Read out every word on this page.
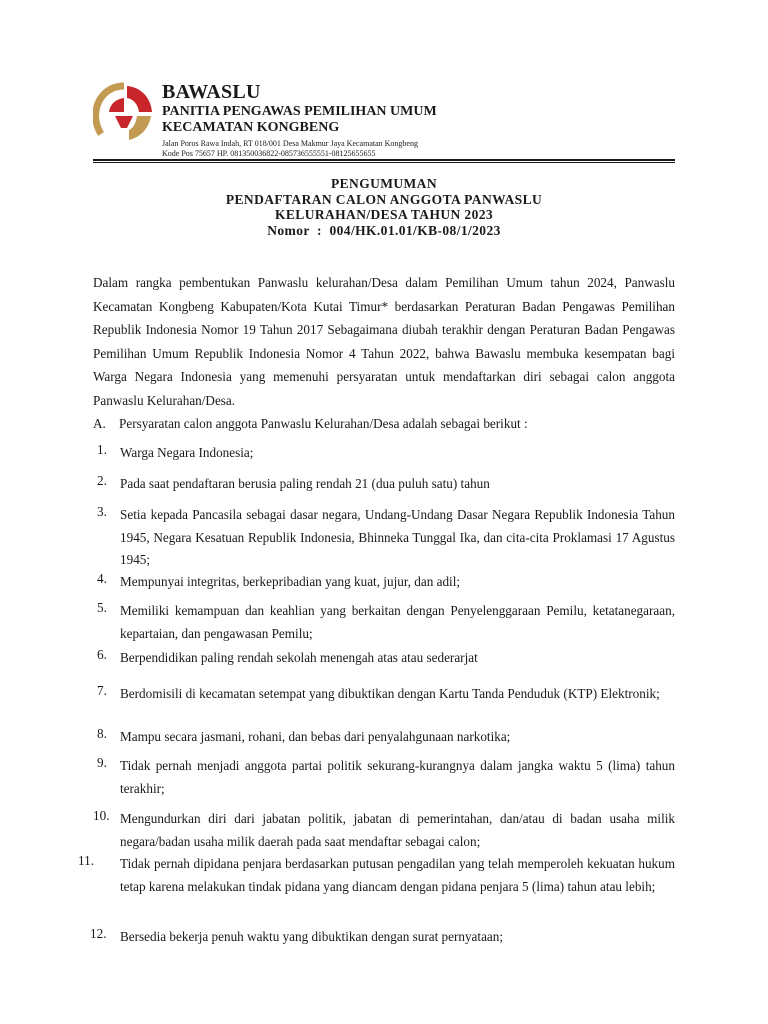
BAWASLU
PANITIA PENGAWAS PEMILIHAN UMUM
KECAMATAN KONGBENG
Jalan Poros Rawa Indah, RT 018/001 Desa Makmur Jaya Kecamatan Kongbeng
Kode Pos 75657 HP. 081350036822-085736555551-08125655655
PENGUMUMAN
PENDAFTARAN CALON ANGGOTA PANWASLU
KELURAHAN/DESA TAHUN 2023
Nomor  :  004/HK.01.01/KB-08/1/2023
Dalam rangka pembentukan Panwaslu kelurahan/Desa dalam Pemilihan Umum tahun 2024, Panwaslu Kecamatan Kongbeng Kabupaten/Kota Kutai Timur* berdasarkan Peraturan Badan Pengawas Pemilihan Republik Indonesia Nomor 19 Tahun 2017 Sebagaimana diubah terakhir dengan Peraturan Badan Pengawas Pemilihan Umum Republik Indonesia Nomor 4 Tahun 2022, bahwa Bawaslu membuka kesempatan bagi Warga Negara Indonesia yang memenuhi persyaratan untuk mendaftarkan diri sebagai calon anggota Panwaslu Kelurahan/Desa.
A. Persyaratan calon anggota Panwaslu Kelurahan/Desa adalah sebagai berikut :
1. Warga Negara Indonesia;
2. Pada saat pendaftaran berusia paling rendah 21 (dua puluh satu) tahun
3. Setia kepada Pancasila sebagai dasar negara, Undang-Undang Dasar Negara Republik Indonesia Tahun 1945, Negara Kesatuan Republik Indonesia, Bhinneka Tunggal Ika, dan cita-cita Proklamasi 17 Agustus 1945;
4. Mempunyai integritas, berkepribadian yang kuat, jujur, dan adil;
5. Memiliki kemampuan dan keahlian yang berkaitan dengan Penyelenggaraan Pemilu, ketatanegaraan, kepartaian, dan pengawasan Pemilu;
6. Berpendidikan paling rendah sekolah menengah atas atau sederarjat
7. Berdomisili di kecamatan setempat yang dibuktikan dengan Kartu Tanda Penduduk (KTP) Elektronik;
8. Mampu secara jasmani, rohani, dan bebas dari penyalahgunaan narkotika;
9. Tidak pernah menjadi anggota partai politik sekurang-kurangnya dalam jangka waktu 5 (lima) tahun terakhir;
10. Mengundurkan diri dari jabatan politik, jabatan di pemerintahan, dan/atau di badan usaha milik negara/badan usaha milik daerah pada saat mendaftar sebagai calon;
11. Tidak pernah dipidana penjara berdasarkan putusan pengadilan yang telah memperoleh kekuatan hukum tetap karena melakukan tindak pidana yang diancam dengan pidana penjara 5 (lima) tahun atau lebih;
12. Bersedia bekerja penuh waktu yang dibuktikan dengan surat pernyataan;
